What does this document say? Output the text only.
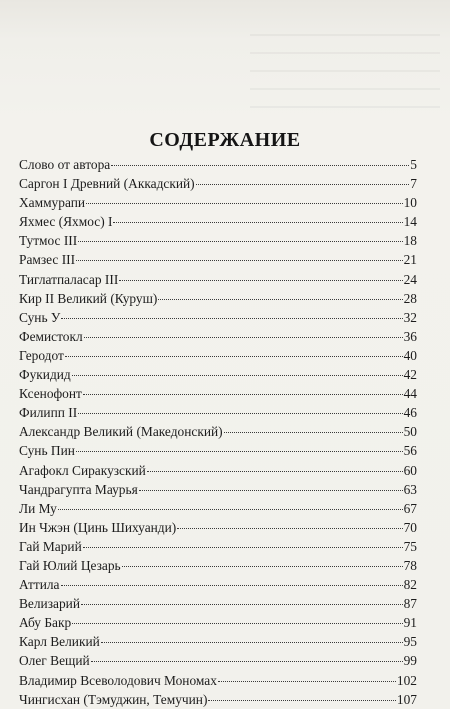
СОДЕРЖАНИЕ
Слово от автора	5
Саргон I Древний (Аккадский)	7
Хаммурапи	10
Яхмес (Яхмос) I	14
Тутмос III	18
Рамзес III	21
Тиглатпаласар III	24
Кир II Великий (Куруш)	28
Сунь У	32
Фемистокл	36
Геродот	40
Фукидид	42
Ксенофонт	44
Филипп II	46
Александр Великий (Македонский)	50
Сунь Пин	56
Агафокл Сиракузский	60
Чандрагупта Маурья	63
Ли Му	67
Ин Чжэн (Цинь Шихуанди)	70
Гай Марий	75
Гай Юлий Цезарь	78
Аттила	82
Велизарий	87
Абу Бакр	91
Карл Великий	95
Олег Вещий	99
Владимир Всеволодович Мономах	102
Чингисхан (Тэмуджин, Темучин)	107
